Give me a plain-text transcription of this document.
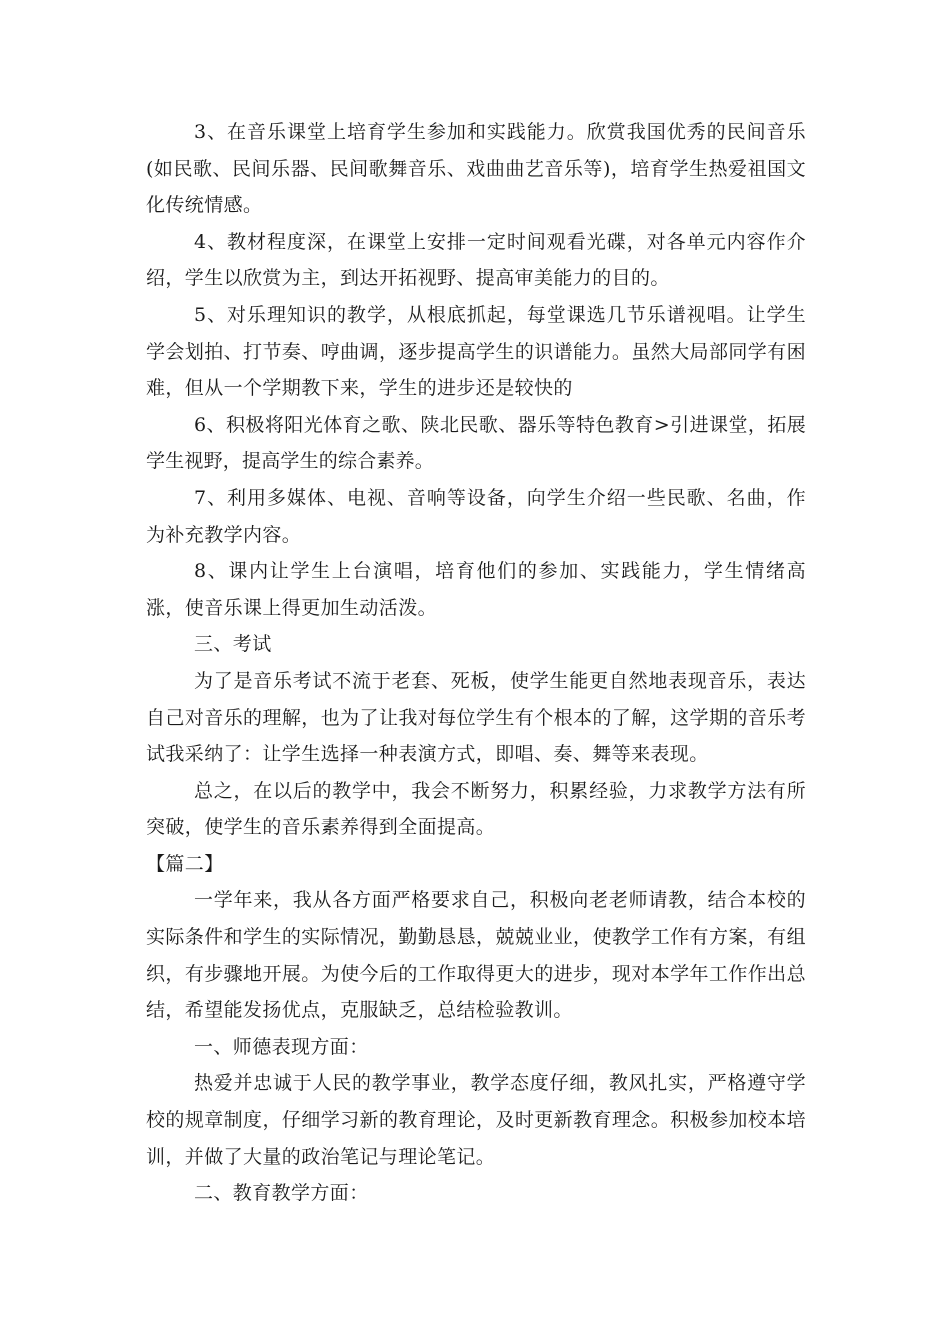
3、在音乐课堂上培育学生参加和实践能力。欣赏我国优秀的民间音乐(如民歌、民间乐器、民间歌舞音乐、戏曲曲艺音乐等)，培育学生热爱祖国文化传统情感。

4、教材程度深，在课堂上安排一定时间观看光碟，对各单元内容作介绍，学生以欣赏为主，到达开拓视野、提高审美能力的目的。

5、对乐理知识的教学，从根底抓起，每堂课选几节乐谱视唱。让学生学会划拍、打节奏、哼曲调，逐步提高学生的识谱能力。虽然大局部同学有困难，但从一个学期教下来，学生的进步还是较快的

6、积极将阳光体育之歌、陕北民歌、器乐等特色教育>引进课堂，拓展学生视野，提高学生的综合素养。

7、利用多媒体、电视、音响等设备，向学生介绍一些民歌、名曲，作为补充教学内容。

8、课内让学生上台演唱，培育他们的参加、实践能力，学生情绪高涨，使音乐课上得更加生动活泼。

三、考试

为了是音乐考试不流于老套、死板，使学生能更自然地表现音乐，表达自己对音乐的理解，也为了让我对每位学生有个根本的了解，这学期的音乐考试我采纳了：让学生选择一种表演方式，即唱、奏、舞等来表现。

总之，在以后的教学中，我会不断努力，积累经验，力求教学方法有所突破，使学生的音乐素养得到全面提高。

【篇二】

一学年来，我从各方面严格要求自己，积极向老老师请教，结合本校的实际条件和学生的实际情况，勤勤恳恳，兢兢业业，使教学工作有方案，有组织，有步骤地开展。为使今后的工作取得更大的进步，现对本学年工作作出总结，希望能发扬优点，克服缺乏，总结检验教训。

一、师德表现方面：

热爱并忠诚于人民的教学事业，教学态度仔细，教风扎实，严格遵守学校的规章制度，仔细学习新的教育理论，及时更新教育理念。积极参加校本培训，并做了大量的政治笔记与理论笔记。

二、教育教学方面：
